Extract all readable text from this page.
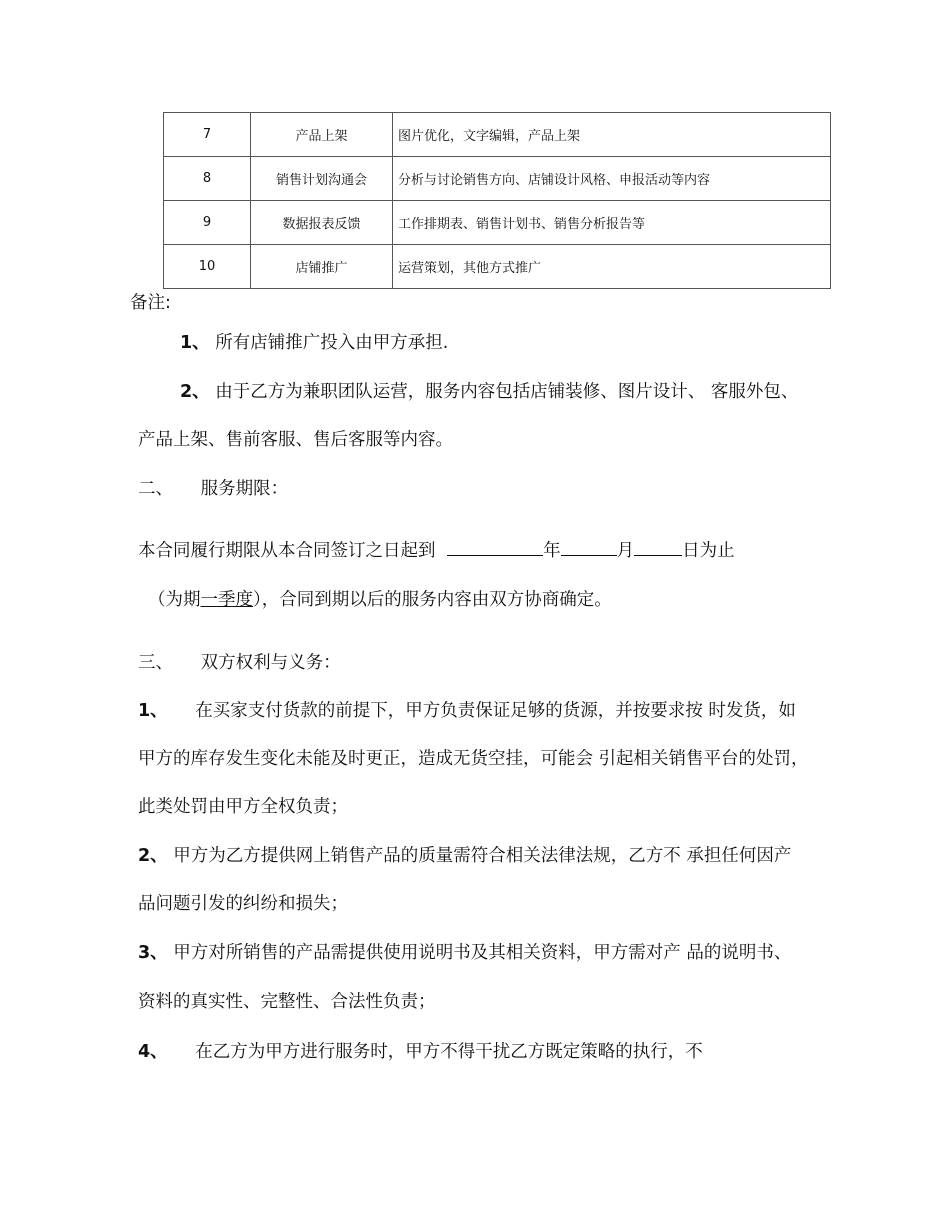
7	产品上架	图片优化，文字编辑，产品上架
8	销售计划沟通会	分析与讨论销售方向、店铺设计风格、申报活动等内容
9	数据报表反馈	工作排期表、销售计划书、销售分析报告等
10	店铺推广	运营策划，其他方式推广
备注:
1、 所有店铺推广投入由甲方承担.
2、 由于乙方为兼职团队运营，服务内容包括店铺装修、图片设计、 客服外包、
产品上架、售前客服、售后客服等内容。
二、 服务期限：
本合同履行期限从本合同签订之日起到	年	月	日为止
（为期一季度），合同到期以后的服务内容由双方协商确定。
三、 双方权利与义务：
1、 在买家支付货款的前提下，甲方负责保证足够的货源，并按要求按 时发货，如
甲方的库存发生变化未能及时更正，造成无货空挂，可能会 引起相关销售平台的处罚，
此类处罚由甲方全权负责；
2、 甲方为乙方提供网上销售产品的质量需符合相关法律法规，乙方不 承担任何因产
品问题引发的纠纷和损失；
3、 甲方对所销售的产品需提供使用说明书及其相关资料，甲方需对产 品的说明书、
资料的真实性、完整性、合法性负责；
4、 在乙方为甲方进行服务时，甲方不得干扰乙方既定策略的执行，不
